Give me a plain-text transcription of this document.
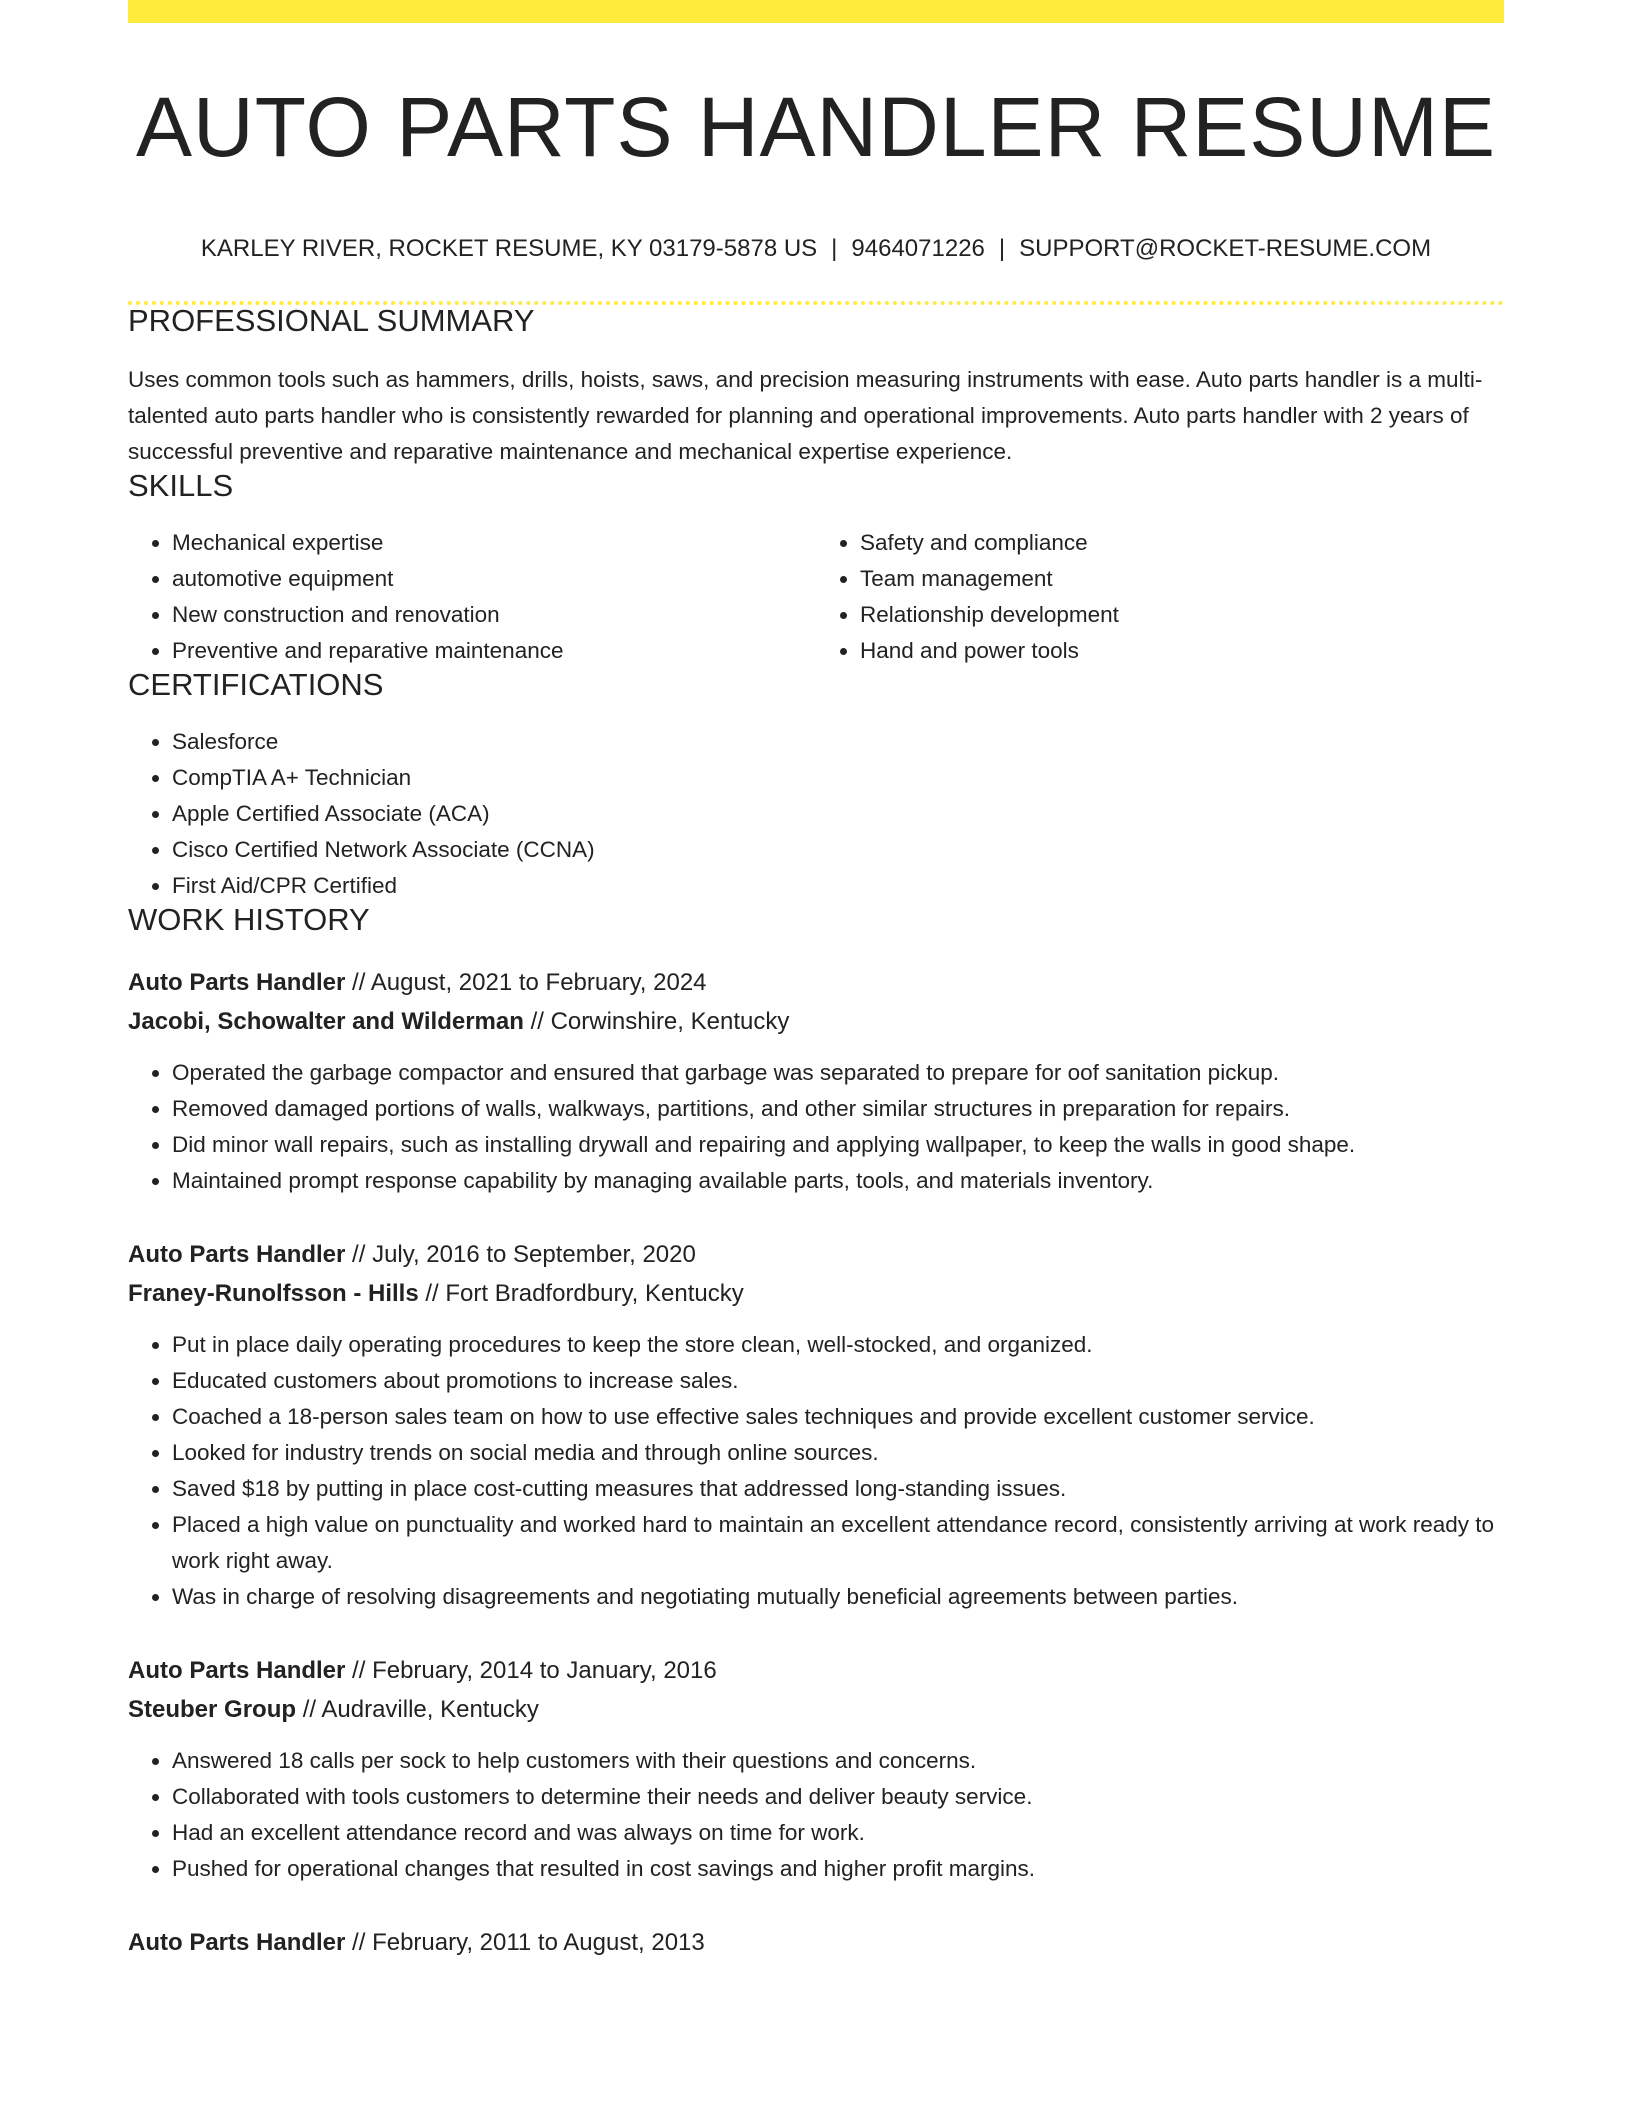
AUTO PARTS HANDLER RESUME
KARLEY RIVER, ROCKET RESUME, KY 03179-5878 US | 9464071226 | SUPPORT@ROCKET-RESUME.COM
PROFESSIONAL SUMMARY

Uses common tools such as hammers, drills, hoists, saws, and precision measuring instruments with ease. Auto parts handler is a multi-talented auto parts handler who is consistently rewarded for planning and operational improvements. Auto parts handler with 2 years of successful preventive and reparative maintenance and mechanical expertise experience.

SKILLS
• Mechanical expertise
• automotive equipment
• New construction and renovation
• Preventive and reparative maintenance
• Safety and compliance
• Team management
• Relationship development
• Hand and power tools
CERTIFICATIONS
• Salesforce
• CompTIA A+ Technician
• Apple Certified Associate (ACA)
• Cisco Certified Network Associate (CCNA)
• First Aid/CPR Certified
WORK HISTORY
Auto Parts Handler // August, 2021 to February, 2024
Jacobi, Schowalter and Wilderman // Corwinshire, Kentucky
• Operated the garbage compactor and ensured that garbage was separated to prepare for oof sanitation pickup.
• Removed damaged portions of walls, walkways, partitions, and other similar structures in preparation for repairs.
• Did minor wall repairs, such as installing drywall and repairing and applying wallpaper, to keep the walls in good shape.
• Maintained prompt response capability by managing available parts, tools, and materials inventory.
Auto Parts Handler // July, 2016 to September, 2020
Franey-Runolfsson - Hills // Fort Bradfordbury, Kentucky
• Put in place daily operating procedures to keep the store clean, well-stocked, and organized.
• Educated customers about promotions to increase sales.
• Coached a 18-person sales team on how to use effective sales techniques and provide excellent customer service.
• Looked for industry trends on social media and through online sources.
• Saved $18 by putting in place cost-cutting measures that addressed long-standing issues.
• Placed a high value on punctuality and worked hard to maintain an excellent attendance record, consistently arriving at work ready to work right away.
• Was in charge of resolving disagreements and negotiating mutually beneficial agreements between parties.
Auto Parts Handler // February, 2014 to January, 2016
Steuber Group // Audraville, Kentucky
• Answered 18 calls per sock to help customers with their questions and concerns.
• Collaborated with tools customers to determine their needs and deliver beauty service.
• Had an excellent attendance record and was always on time for work.
• Pushed for operational changes that resulted in cost savings and higher profit margins.
Auto Parts Handler // February, 2011 to August, 2013
